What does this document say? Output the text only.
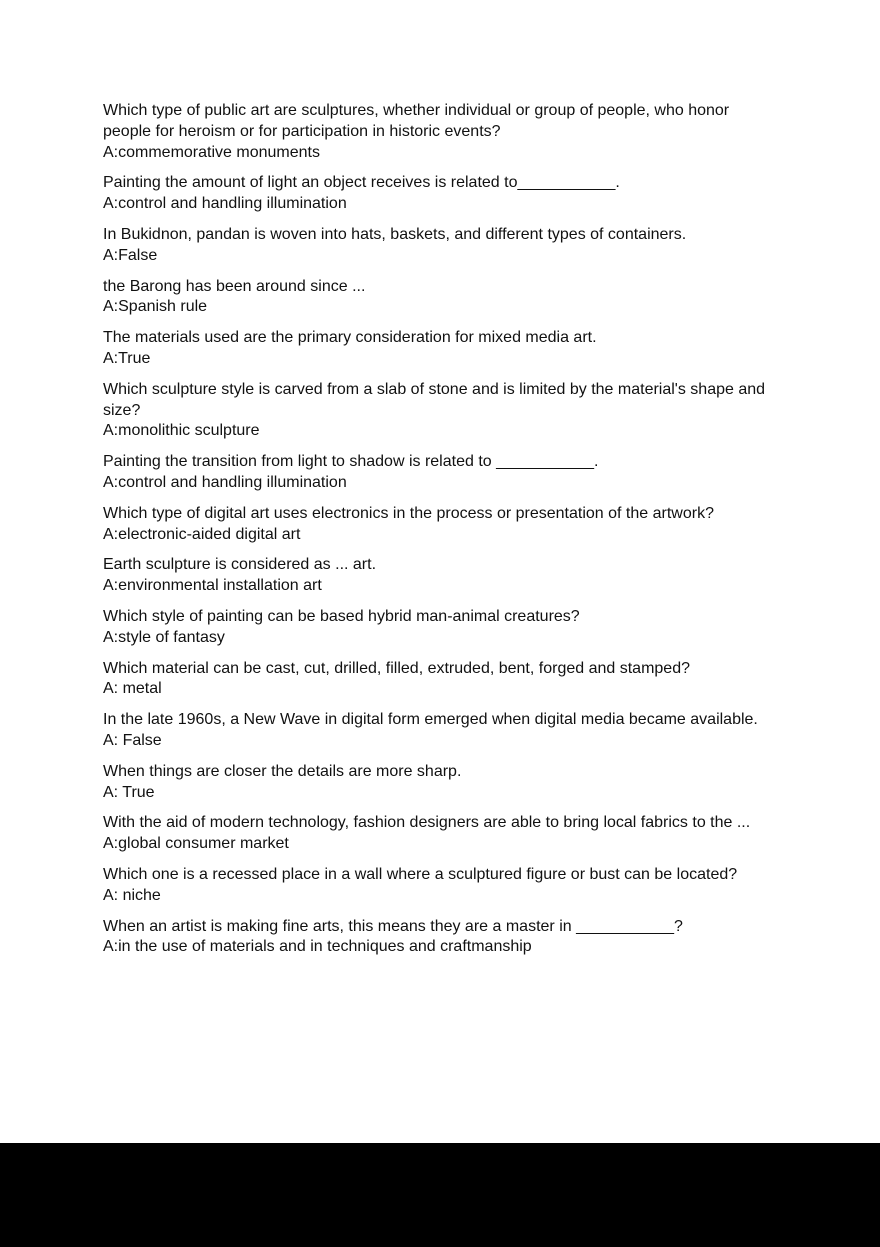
Which type of public art are sculptures, whether individual or group of people, who honor people for heroism or for participation in historic events?
A:commemorative monuments
Painting the amount of light an object receives is related to___________.
A:control and handling illumination
In Bukidnon, pandan is woven into hats, baskets, and different types of containers.
A:False
the Barong has been around since ...
A:Spanish rule
The materials used are the primary consideration for mixed media art.
A:True
Which sculpture style is carved from a slab of stone and is limited by the material's shape and size?
A:monolithic sculpture
Painting the transition from light to shadow is related to ___________.
A:control and handling illumination
Which type of digital art uses electronics in the process or presentation of the artwork?
A:electronic-aided digital art
Earth sculpture is considered as ... art.
A:environmental installation art
Which style of painting can be based hybrid man-animal creatures?
A:style of fantasy
Which material can be cast, cut, drilled, filled, extruded, bent, forged and stamped?
A: metal
In the late 1960s, a New Wave in digital form emerged when digital media became available.
A: False
When things are closer the details are more sharp.
A: True
With the aid of modern technology, fashion designers are able to bring local fabrics to the ...
A:global consumer market
Which one is a recessed place in a wall where a sculptured figure or bust can be located?
A: niche
When an artist is making fine arts, this means they are a master in ___________?
A:in the use of materials and in techniques and craftmanship
